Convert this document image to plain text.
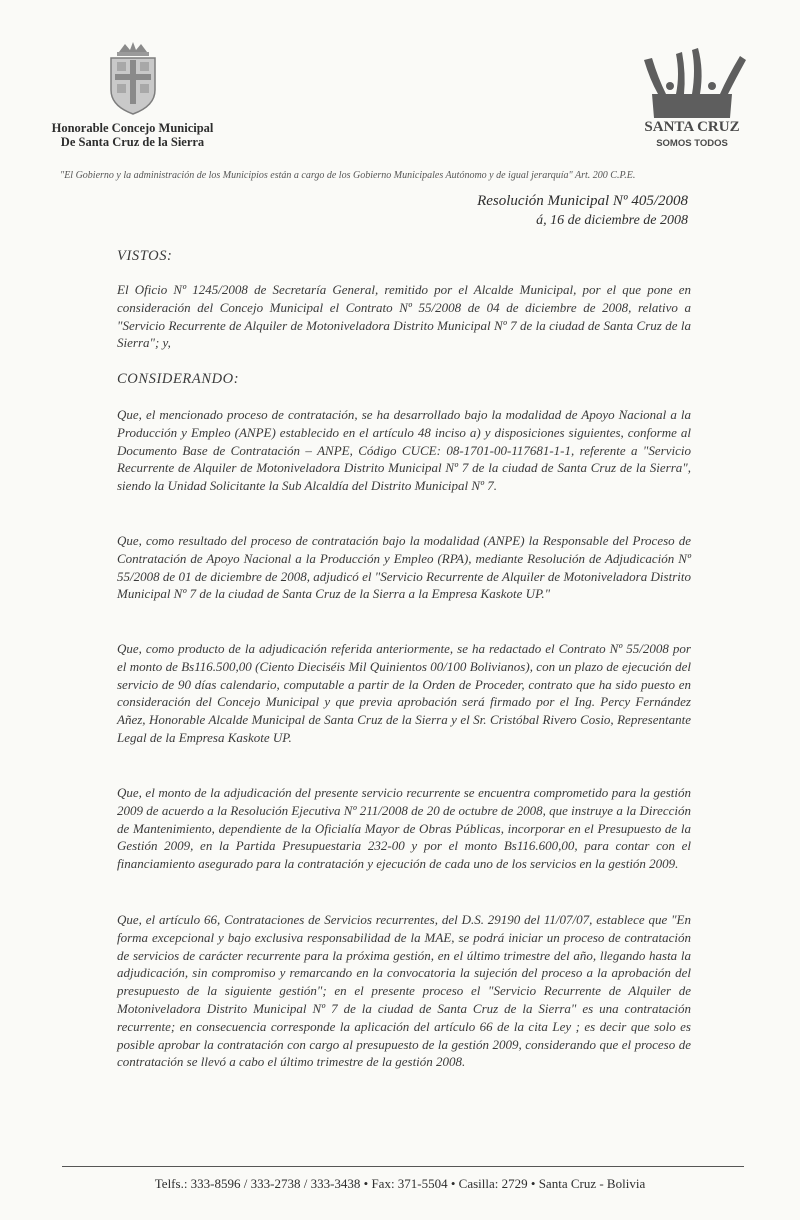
Honorable Concejo Municipal
De Santa Cruz de la Sierra
SANTA CRUZ
SOMOS TODOS
"El Gobierno y la administración de los Municipios están a cargo de los Gobierno Municipales Autónomo y de igual jerarquía" Art. 200 C.P.E.
Resolución Municipal Nº 405/2008
á, 16 de diciembre de 2008
VISTOS:
El Oficio Nº 1245/2008 de Secretaría General, remitido por el Alcalde Municipal, por el que pone en consideración del Concejo Municipal el Contrato Nº 55/2008 de 04 de diciembre de 2008, relativo a "Servicio Recurrente de Alquiler de Motoniveladora Distrito Municipal Nº 7 de la ciudad de Santa Cruz de la Sierra"; y,
CONSIDERANDO:
Que, el mencionado proceso de contratación, se ha desarrollado bajo la modalidad de Apoyo Nacional a la Producción y Empleo (ANPE) establecido en el artículo 48 inciso a) y disposiciones siguientes, conforme al Documento Base de Contratación – ANPE, Código CUCE: 08-1701-00-117681-1-1, referente a "Servicio Recurrente de Alquiler de Motoniveladora Distrito Municipal Nº 7 de la ciudad de Santa Cruz de la Sierra", siendo la Unidad Solicitante la Sub Alcaldía del Distrito Municipal Nº 7.
Que, como resultado del proceso de contratación bajo la modalidad (ANPE) la Responsable del Proceso de Contratación de Apoyo Nacional a la Producción y Empleo (RPA), mediante Resolución de Adjudicación Nº 55/2008 de 01 de diciembre de 2008, adjudicó el "Servicio Recurrente de Alquiler de Motoniveladora Distrito Municipal Nº 7 de la ciudad de Santa Cruz de la Sierra a la Empresa Kaskote UP."
Que, como producto de la adjudicación referida anteriormente, se ha redactado el Contrato Nº 55/2008 por el monto de Bs116.500,00 (Ciento Dieciséis Mil Quinientos 00/100 Bolivianos), con un plazo de ejecución del servicio de 90 días calendario, computable a partir de la Orden de Proceder, contrato que ha sido puesto en consideración del Concejo Municipal y que previa aprobación será firmado por el Ing. Percy Fernández Añez, Honorable Alcalde Municipal de Santa Cruz de la Sierra y el Sr. Cristóbal Rivero Cosio, Representante Legal de la Empresa Kaskote UP.
Que, el monto de la adjudicación del presente servicio recurrente se encuentra comprometido para la gestión 2009 de acuerdo a la Resolución Ejecutiva Nº 211/2008 de 20 de octubre de 2008, que instruye a la Dirección de Mantenimiento, dependiente de la Oficialía Mayor de Obras Públicas, incorporar en el Presupuesto de la Gestión 2009, en la Partida Presupuestaria 232-00 y por el monto Bs116.600,00, para contar con el financiamiento asegurado para la contratación y ejecución de cada uno de los servicios en la gestión 2009.
Que, el artículo 66, Contrataciones de Servicios recurrentes, del D.S. 29190 del 11/07/07, establece que "En forma excepcional y bajo exclusiva responsabilidad de la MAE, se podrá iniciar un proceso de contratación de servicios de carácter recurrente para la próxima gestión, en el último trimestre del año, llegando hasta la adjudicación, sin compromiso y remarcando en la convocatoria la sujeción del proceso a la aprobación del presupuesto de la siguiente gestión"; en el presente proceso el "Servicio Recurrente de Alquiler de Motoniveladora Distrito Municipal Nº 7 de la ciudad de Santa Cruz de la Sierra" es una contratación recurrente; en consecuencia corresponde la aplicación del artículo 66 de la cita Ley ; es decir que solo es posible aprobar la contratación con cargo al presupuesto de la gestión 2009, considerando que el proceso de contratación se llevó a cabo el último trimestre de la gestión 2008.
Telfs.: 333-8596 / 333-2738 / 333-3438 • Fax: 371-5504 • Casilla: 2729 • Santa Cruz - Bolivia
